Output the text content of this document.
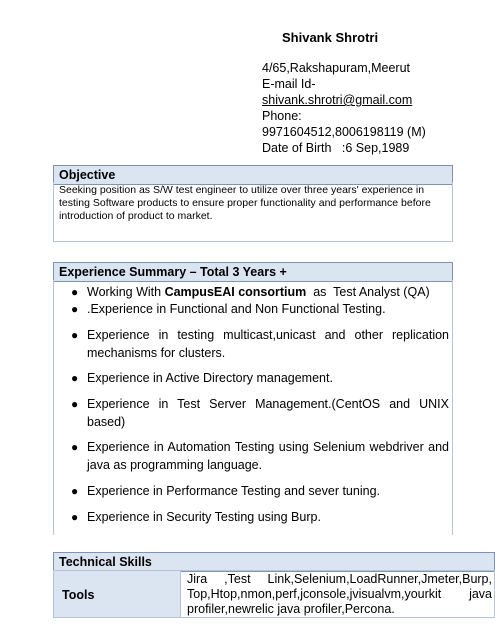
Shivank Shrotri
4/65,Rakshapuram,Meerut
E-mail Id-
shivank.shrotri@gmail.com
Phone:
9971604512,8006198119 (M)
Date of Birth   :6 Sep,1989
Objective
Seeking position as S/W test engineer to utilize over three years' experience in testing Software products to ensure proper functionality and performance before introduction of product to market.
Experience Summary – Total 3 Years +
● Working With CampusEAI consortium  as  Test Analyst (QA)
● .Experience in Functional and Non Functional Testing.
● Experience in testing multicast,unicast and other replication mechanisms for clusters.
● Experience in Active Directory management.
● Experience in Test Server Management.(CentOS and UNIX based)
● Experience in Automation Testing using Selenium webdriver and java as programming language.
● Experience in Performance Testing and sever tuning.
● Experience in Security Testing using Burp.
Technical Skills
Tools
Jira ,Test Link,Selenium,LoadRunner,Jmeter,Burp, Top,Htop,nmon,perf,jconsole,jvisualvm,yourkit java profiler,newrelic java profiler,Percona.
